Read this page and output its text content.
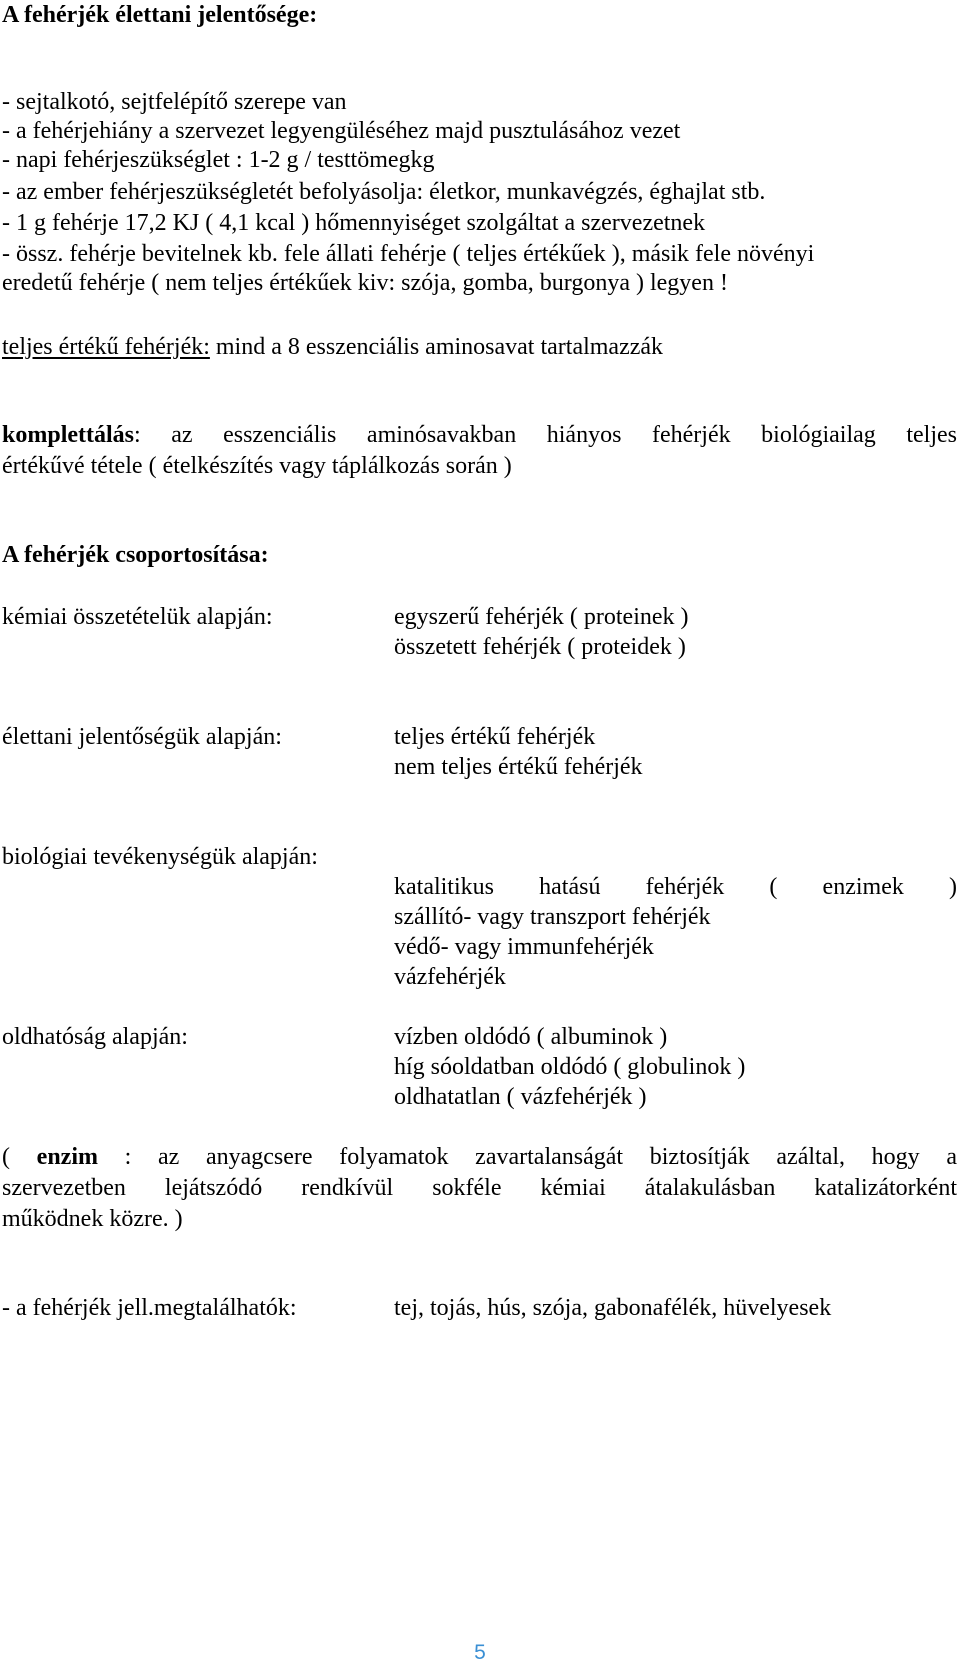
A fehérjék élettani jelentősége:
- sejtalkotó, sejtfelépítő szerepe van
- a fehérjehiány a szervezet legyengüléséhez majd pusztulásához vezet
- napi fehérjeszükséglet : 1-2 g / testtömegkg
- az ember fehérjeszükségletét befolyásolja: életkor, munkavégzés, éghajlat stb.
- 1 g fehérje 17,2 KJ ( 4,1 kcal ) hőmennyiséget szolgáltat a szervezetnek
- össz. fehérje bevitelnek kb. fele állati fehérje ( teljes értékűek ), másik fele növényi
eredetű fehérje ( nem teljes értékűek kiv: szója, gomba, burgonya ) legyen !
teljes értékű fehérjék: mind a 8 esszenciális aminosavat tartalmazzák
komplettálás: az esszenciális aminósavakban hiányos fehérjék biológiailag teljes
értékűvé tétele ( ételkészítés vagy táplálkozás során )
A fehérjék csoportosítása:
kémiai összetételük alapján:	egyszerű fehérjék ( proteinek )
összetett fehérjék ( proteidek )
élettani jelentőségük alapján:	teljes értékű fehérjék
nem teljes értékű fehérjék
biológiai tevékenységük alapján:
katalitikus hatású fehérjék ( enzimek )
szállító- vagy transzport fehérjék
védő- vagy immunfehérjék
vázfehérjék
oldhatóság alapján:	vízben oldódó ( albuminok )
híg sóoldatban oldódó ( globulinok )
oldhatatlan ( vázfehérjék )
( enzim : az anyagcsere folyamatok zavartalanságát biztosítják azáltal, hogy a
szervezetben lejátszódó rendkívül sokféle kémiai átalakulásban katalizátorként
működnek közre. )
- a fehérjék jell.megtalálhatók:	tej, tojás, hús, szója, gabonafélék, hüvelyesek
5
